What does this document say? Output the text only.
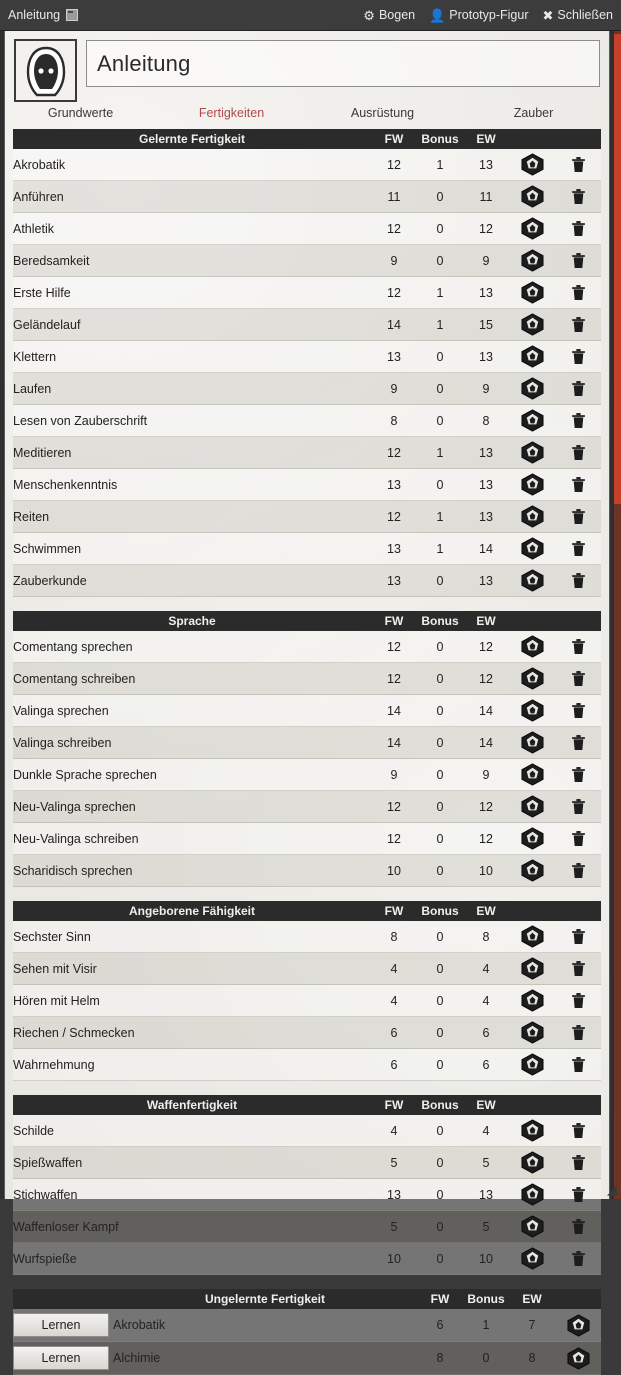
Anleitung	⚙ Bogen 👤 Prototyp-Figur ✖ Schließen
Anleitung
Grundwerte	Fertigkeiten	Ausrüstung	Zauber
Gelernte Fertigkeit	FW	Bonus	EW		
Akrobatik	12	1	13		
Anführen	11	0	11		
Athletik	12	0	12		
Beredsamkeit	9	0	9		
Erste Hilfe	12	1	13		
Geländelauf	14	1	15		
Klettern	13	0	13		
Laufen	9	0	9		
Lesen von Zauberschrift	8	0	8		
Meditieren	12	1	13		
Menschenkenntnis	13	0	13		
Reiten	12	1	13		
Schwimmen	13	1	14		
Zauberkunde	13	0	13		
Sprache	FW	Bonus	EW		
Comentang sprechen	12	0	12		
Comentang schreiben	12	0	12		
Valinga sprechen	14	0	14		
Valinga schreiben	14	0	14		
Dunkle Sprache sprechen	9	0	9		
Neu-Valinga sprechen	12	0	12		
Neu-Valinga schreiben	12	0	12		
Scharidisch sprechen	10	0	10		
Angeborene Fähigkeit	FW	Bonus	EW		
Sechster Sinn	8	0	8		
Sehen mit Visir	4	0	4		
Hören mit Helm	4	0	4		
Riechen / Schmecken	6	0	6		
Wahrnehmung	6	0	6		
Waffenfertigkeit	FW	Bonus	EW		
Schilde	4	0	4		
Spießwaffen	5	0	5		
Stichwaffen	13	0	13		
Waffenloser Kampf	5	0	5		
Wurfspieße	10	0	10		
	Ungelernte Fertigkeit	FW	Bonus	EW	

Lernen	Akrobatik	6	1	7	

Lernen	Alchimie	8	0	8	
◢
